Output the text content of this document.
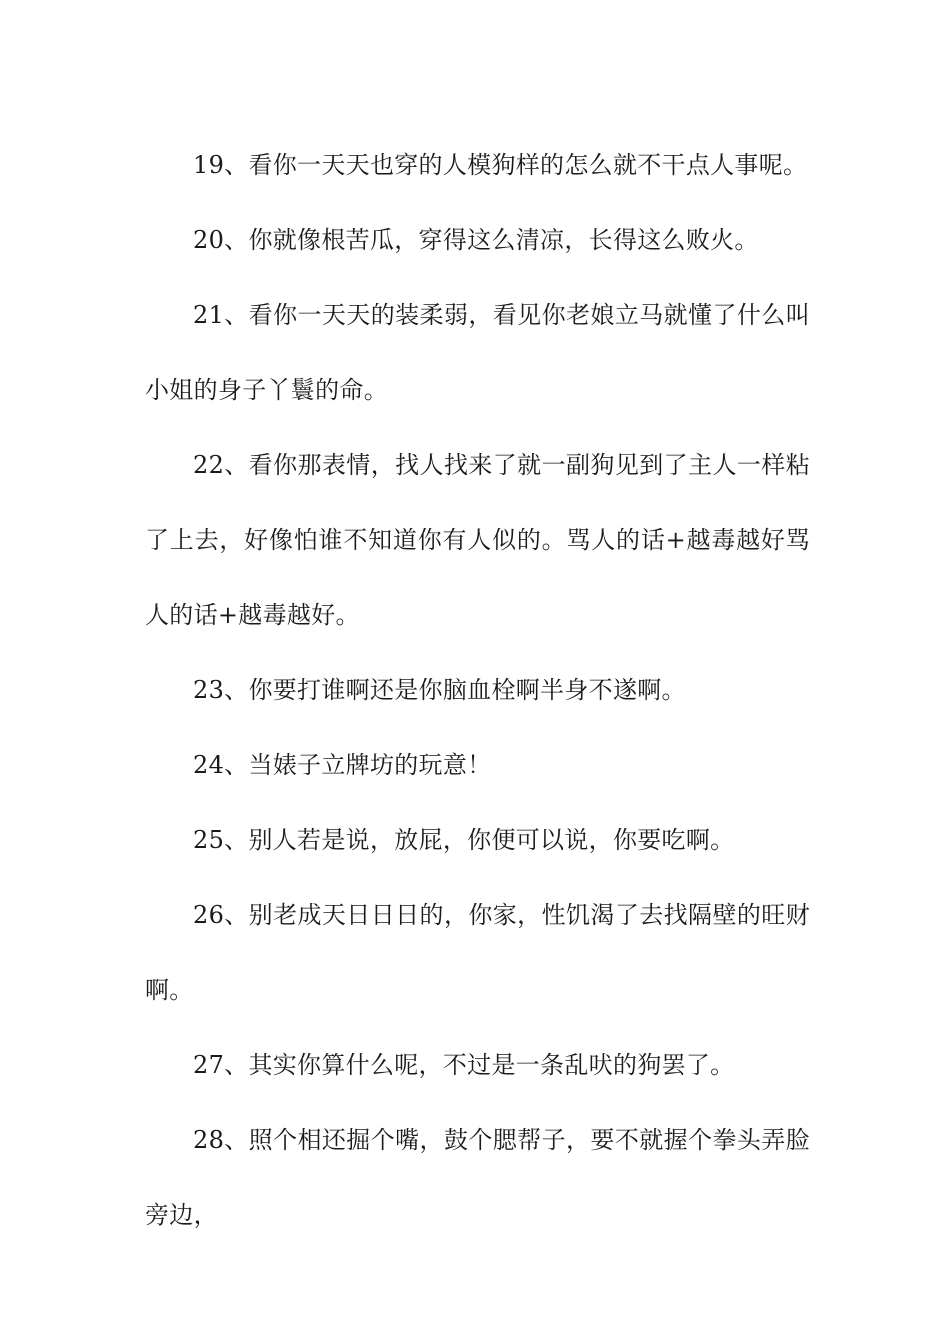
19、看你一天天也穿的人模狗样的怎么就不干点人事呢。

20、你就像根苦瓜，穿得这么清凉，长得这么败火。

21、看你一天天的装柔弱，看见你老娘立马就懂了什么叫小姐的身子丫鬟的命。

22、看你那表情，找人找来了就一副狗见到了主人一样粘了上去，好像怕谁不知道你有人似的。骂人的话+越毒越好骂人的话+越毒越好。

23、你要打谁啊还是你脑血栓啊半身不遂啊。

24、当婊子立牌坊的玩意！

25、别人若是说，放屁，你便可以说，你要吃啊。

26、别老成天日日日的，你家，性饥渴了去找隔壁的旺财啊。

27、其实你算什么呢，不过是一条乱吠的狗罢了。

28、照个相还掘个嘴，鼓个腮帮子，要不就握个拳头弄脸旁边，
